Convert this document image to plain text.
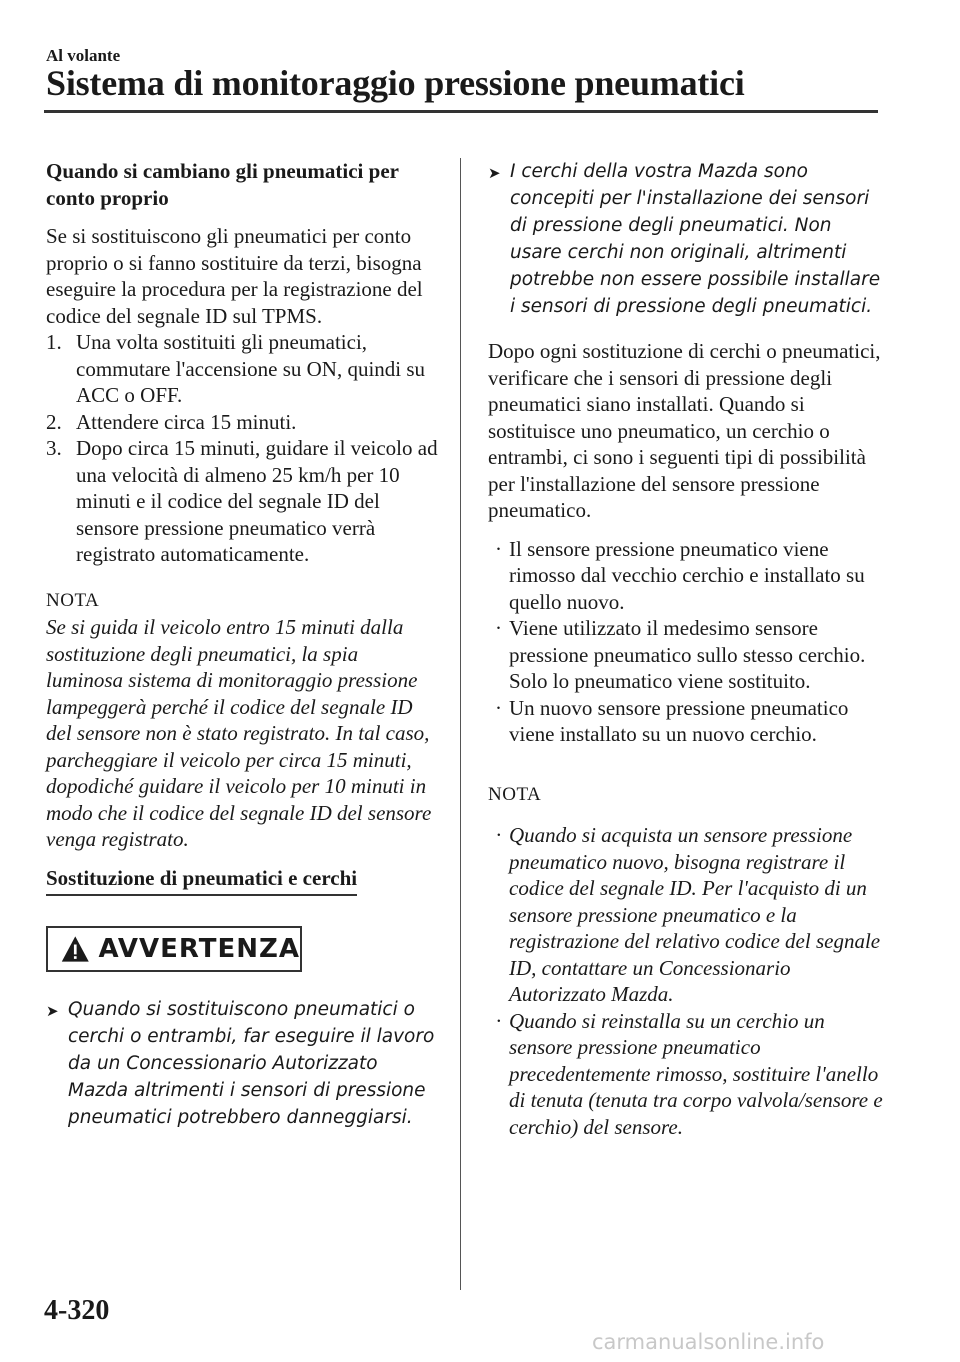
Al volante
Sistema di monitoraggio pressione pneumatici

Quando si cambiano gli pneumatici per conto proprio

Se si sostituiscono gli pneumatici per conto proprio o si fanno sostituire da terzi, bisogna eseguire la procedura per la registrazione del codice del segnale ID sul TPMS.

1. Una volta sostituiti gli pneumatici, commutare l'accensione su ON, quindi su ACC o OFF.
2. Attendere circa 15 minuti.
3. Dopo circa 15 minuti, guidare il veicolo ad una velocità di almeno 25 km/h per 10 minuti e il codice del segnale ID del sensore pressione pneumatico verrà registrato automaticamente.

NOTA

Se si guida il veicolo entro 15 minuti dalla sostituzione degli pneumatici, la spia luminosa sistema di monitoraggio pressione lampeggerà perché il codice del segnale ID del sensore non è stato registrato. In tal caso, parcheggiare il veicolo per circa 15 minuti, dopodiché guidare il veicolo per 10 minuti in modo che il codice del segnale ID del sensore venga registrato.

Sostituzione di pneumatici e cerchi
AVVERTENZA
➤ Quando si sostituiscono pneumatici o cerchi o entrambi, far eseguire il lavoro da un Concessionario Autorizzato Mazda altrimenti i sensori di pressione pneumatici potrebbero danneggiarsi.
➤ I cerchi della vostra Mazda sono concepiti per l'installazione dei sensori di pressione degli pneumatici. Non usare cerchi non originali, altrimenti potrebbe non essere possibile installare i sensori di pressione degli pneumatici.

Dopo ogni sostituzione di cerchi o pneumatici, verificare che i sensori di pressione degli pneumatici siano installati. Quando si sostituisce uno pneumatico, un cerchio o entrambi, ci sono i seguenti tipi di possibilità per l'installazione del sensore pressione pneumatico.

· Il sensore pressione pneumatico viene rimosso dal vecchio cerchio e installato su quello nuovo.
· Viene utilizzato il medesimo sensore pressione pneumatico sullo stesso cerchio. Solo lo pneumatico viene sostituito.
· Un nuovo sensore pressione pneumatico viene installato su un nuovo cerchio.

NOTA

· Quando si acquista un sensore pressione pneumatico nuovo, bisogna registrare il codice del segnale ID. Per l'acquisto di un sensore pressione pneumatico e la registrazione del relativo codice del segnale ID, contattare un Concessionario Autorizzato Mazda.
· Quando si reinstalla su un cerchio un sensore pressione pneumatico precedentemente rimosso, sostituire l'anello di tenuta (tenuta tra corpo valvola/sensore e cerchio) del sensore.
4-320
carmanualsonline.info
